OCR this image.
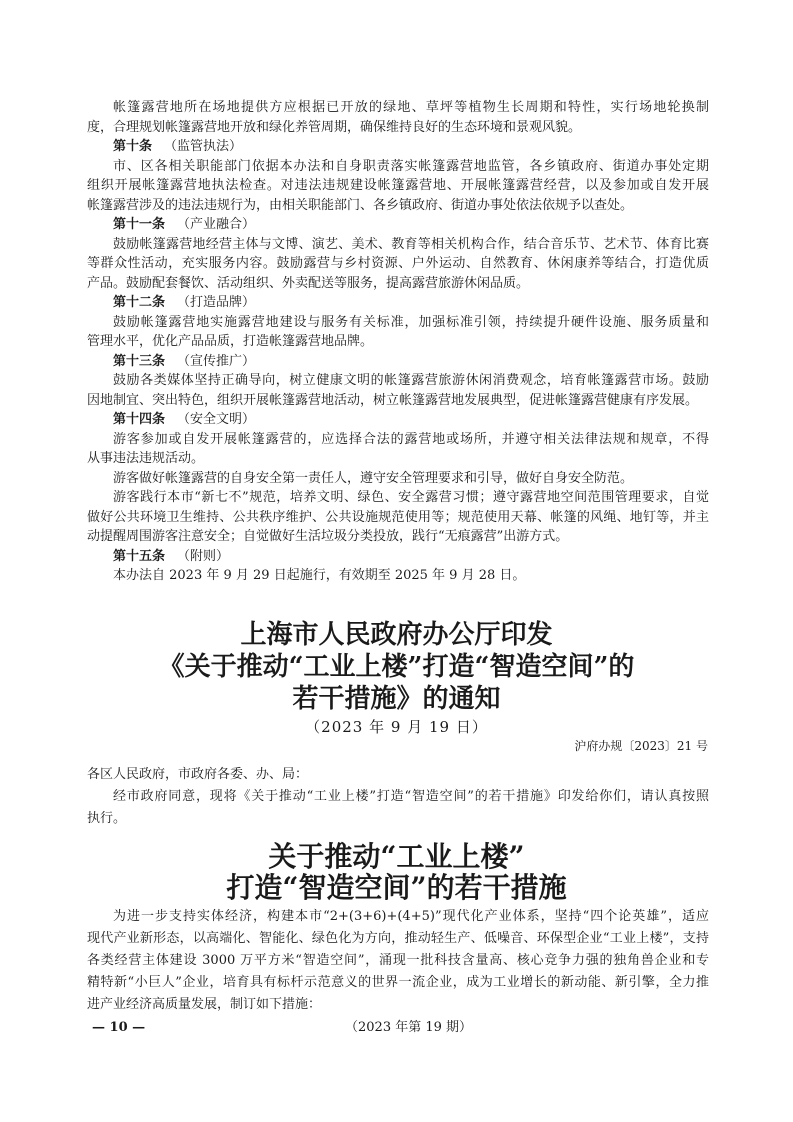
帐篷露营地所在场地提供方应根据已开放的绿地、草坪等植物生长周期和特性，实行场地轮换制
度，合理规划帐篷露营地开放和绿化养管周期，确保维持良好的生态环境和景观风貌。
第十条 （监管执法）
市、区各相关职能部门依据本办法和自身职责落实帐篷露营地监管，各乡镇政府、街道办事处定期
组织开展帐篷露营地执法检查。对违法违规建设帐篷露营地、开展帐篷露营经营，以及参加或自发开展
帐篷露营涉及的违法违规行为，由相关职能部门、各乡镇政府、街道办事处依法依规予以查处。
第十一条 （产业融合）
鼓励帐篷露营地经营主体与文博、演艺、美术、教育等相关机构合作，结合音乐节、艺术节、体育比赛
等群众性活动，充实服务内容。鼓励露营与乡村资源、户外运动、自然教育、休闲康养等结合，打造优质
产品。鼓励配套餐饮、活动组织、外卖配送等服务，提高露营旅游休闲品质。
第十二条 （打造品牌）
鼓励帐篷露营地实施露营地建设与服务有关标准，加强标准引领，持续提升硬件设施、服务质量和
管理水平，优化产品品质，打造帐篷露营地品牌。
第十三条 （宣传推广）
鼓励各类媒体坚持正确导向，树立健康文明的帐篷露营旅游休闲消费观念，培育帐篷露营市场。鼓励
因地制宜、突出特色，组织开展帐篷露营地活动，树立帐篷露营地发展典型，促进帐篷露营健康有序发展。
第十四条 （安全文明）
游客参加或自发开展帐篷露营的，应选择合法的露营地或场所，并遵守相关法律法规和规章，不得
从事违法违规活动。
游客做好帐篷露营的自身安全第一责任人，遵守安全管理要求和引导，做好自身安全防范。
游客践行本市“新七不”规范，培养文明、绿色、安全露营习惯；遵守露营地空间范围管理要求，自觉
做好公共环境卫生维持、公共秩序维护、公共设施规范使用等；规范使用天幕、帐篷的风绳、地钉等，并主
动提醒周围游客注意安全；自觉做好生活垃圾分类投放，践行“无痕露营”出游方式。
第十五条 （附则）
本办法自 2023 年 9 月 29 日起施行，有效期至 2025 年 9 月 28 日。
上海市人民政府办公厅印发
《关于推动“工业上楼”打造“智造空间”的
若干措施》的通知
（2023 年 9 月 19 日）
沪府办规〔2023〕21 号
各区人民政府，市政府各委、办、局：
经市政府同意，现将《关于推动“工业上楼”打造“智造空间”的若干措施》印发给你们，请认真按照
执行。
关于推动“工业上楼”
打造“智造空间”的若干措施
为进一步支持实体经济，构建本市“2+(3+6)+(4+5)”现代化产业体系，坚持“四个论英雄”，适应
现代产业新形态，以高端化、智能化、绿色化为方向，推动轻生产、低噪音、环保型企业“工业上楼”，支持
各类经营主体建设 3000 万平方米“智造空间”，涌现一批科技含量高、核心竞争力强的独角兽企业和专
精特新“小巨人”企业，培育具有标杆示范意义的世界一流企业，成为工业增长的新动能、新引擎，全力推
进产业经济高质量发展，制订如下措施：
— 10 —	（2023 年第 19 期）
